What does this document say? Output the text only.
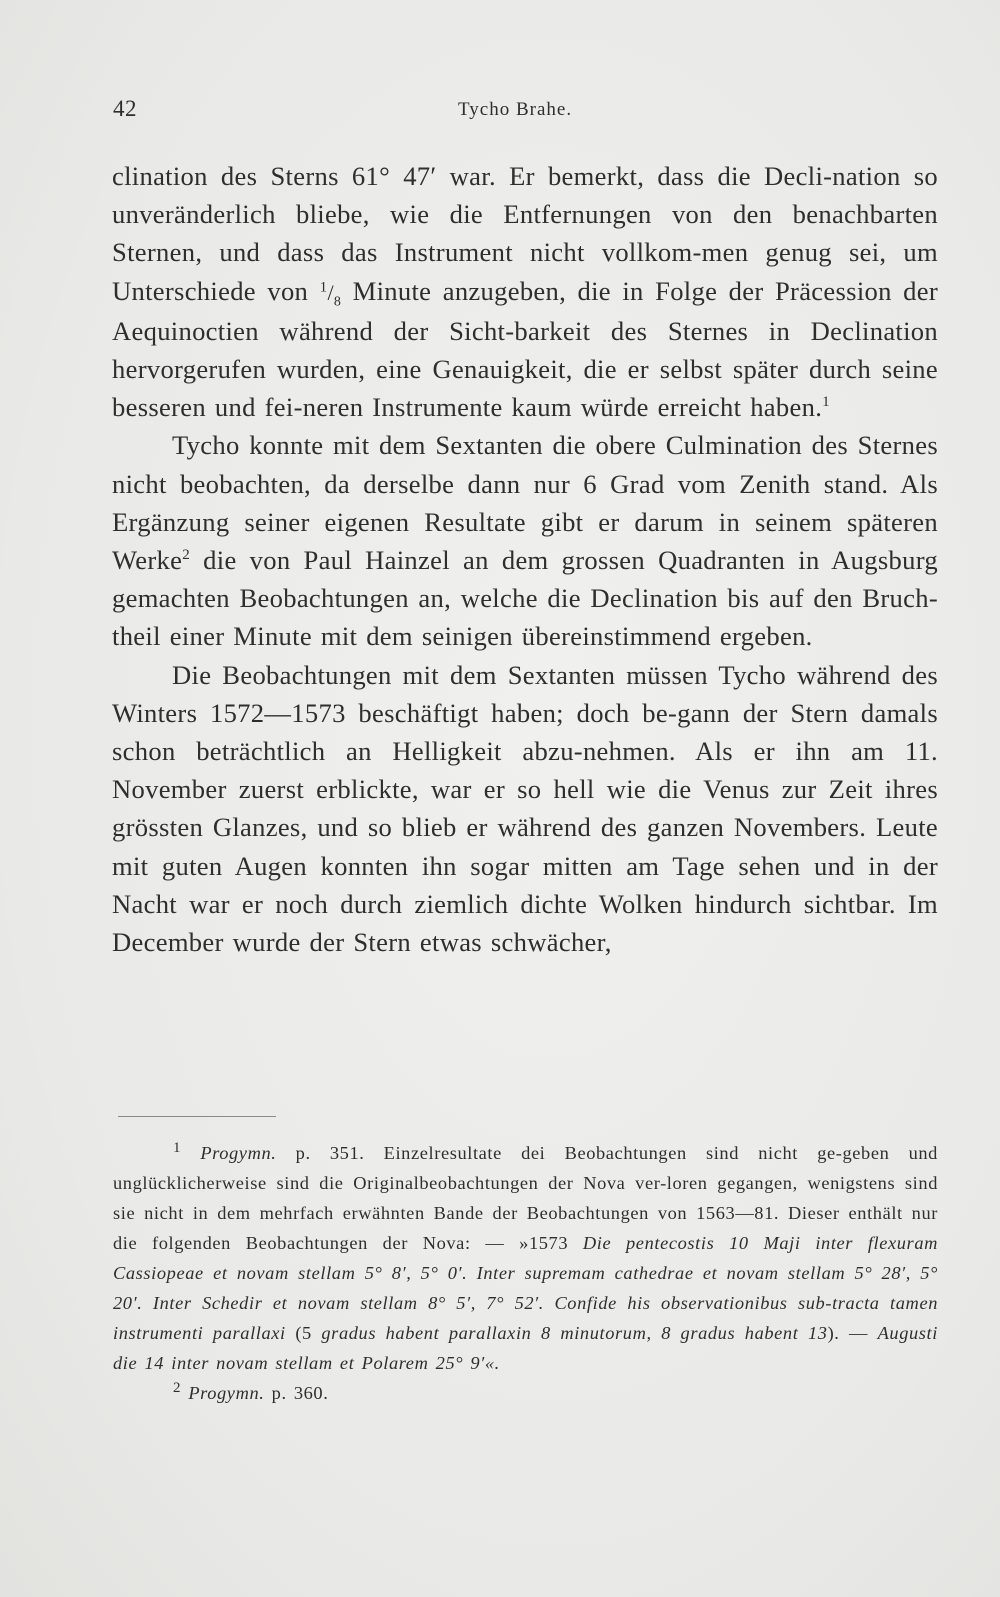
42	Tycho Brahe.

clination des Sterns 61° 47′ war. Er bemerkt, dass die Decli-nation so unveränderlich bliebe, wie die Entfernungen von den benachbarten Sternen, und dass das Instrument nicht vollkom-men genug sei, um Unterschiede von $^1/_8$ Minute anzugeben, die in Folge der Präcession der Aequinoctien während der Sicht-barkeit des Sternes in Declination hervorgerufen wurden, eine Genauigkeit, die er selbst später durch seine besseren und fei-neren Instrumente kaum würde erreicht haben.$^1$

Tycho konnte mit dem Sextanten die obere Culmination des Sternes nicht beobachten, da derselbe dann nur 6 Grad vom Zenith stand. Als Ergänzung seiner eigenen Resultate gibt er darum in seinem späteren Werke$^2$ die von Paul Hainzel an dem grossen Quadranten in Augsburg gemachten Beobachtungen an, welche die Declination bis auf den Bruch-theil einer Minute mit dem seinigen übereinstimmend ergeben.

Die Beobachtungen mit dem Sextanten müssen Tycho während des Winters 1572—1573 beschäftigt haben; doch be-gann der Stern damals schon beträchtlich an Helligkeit abzu-nehmen. Als er ihn am 11. November zuerst erblickte, war er so hell wie die Venus zur Zeit ihres grössten Glanzes, und so blieb er während des ganzen Novembers. Leute mit guten Augen konnten ihn sogar mitten am Tage sehen und in der Nacht war er noch durch ziemlich dichte Wolken hindurch sichtbar. Im December wurde der Stern etwas schwächer,

$^1$ Progymn. p. 351. Einzelresultate dei Beobachtungen sind nicht ge-geben und unglücklicherweise sind die Originalbeobachtungen der Nova ver-loren gegangen, wenigstens sind sie nicht in dem mehrfach erwähnten Bande der Beobachtungen von 1563—81. Dieser enthält nur die folgenden Beobachtungen der Nova: — »1573 Die pentecostis 10 Maji inter flexuram Cassiopeae et novam stellam 5° 8′, 5° 0′. Inter supremam cathedrae et novam stellam 5° 28′, 5° 20′. Inter Schedir et novam stellam 8° 5′, 7° 52′. Confide his observationibus sub-tracta tamen instrumenti parallaxi (5 gradus habent parallaxin 8 minutorum, 8 gradus habent 13). — Augusti die 14 inter novam stellam et Polarem 25° 9′«.

$^2$ Progymn. p. 360.
